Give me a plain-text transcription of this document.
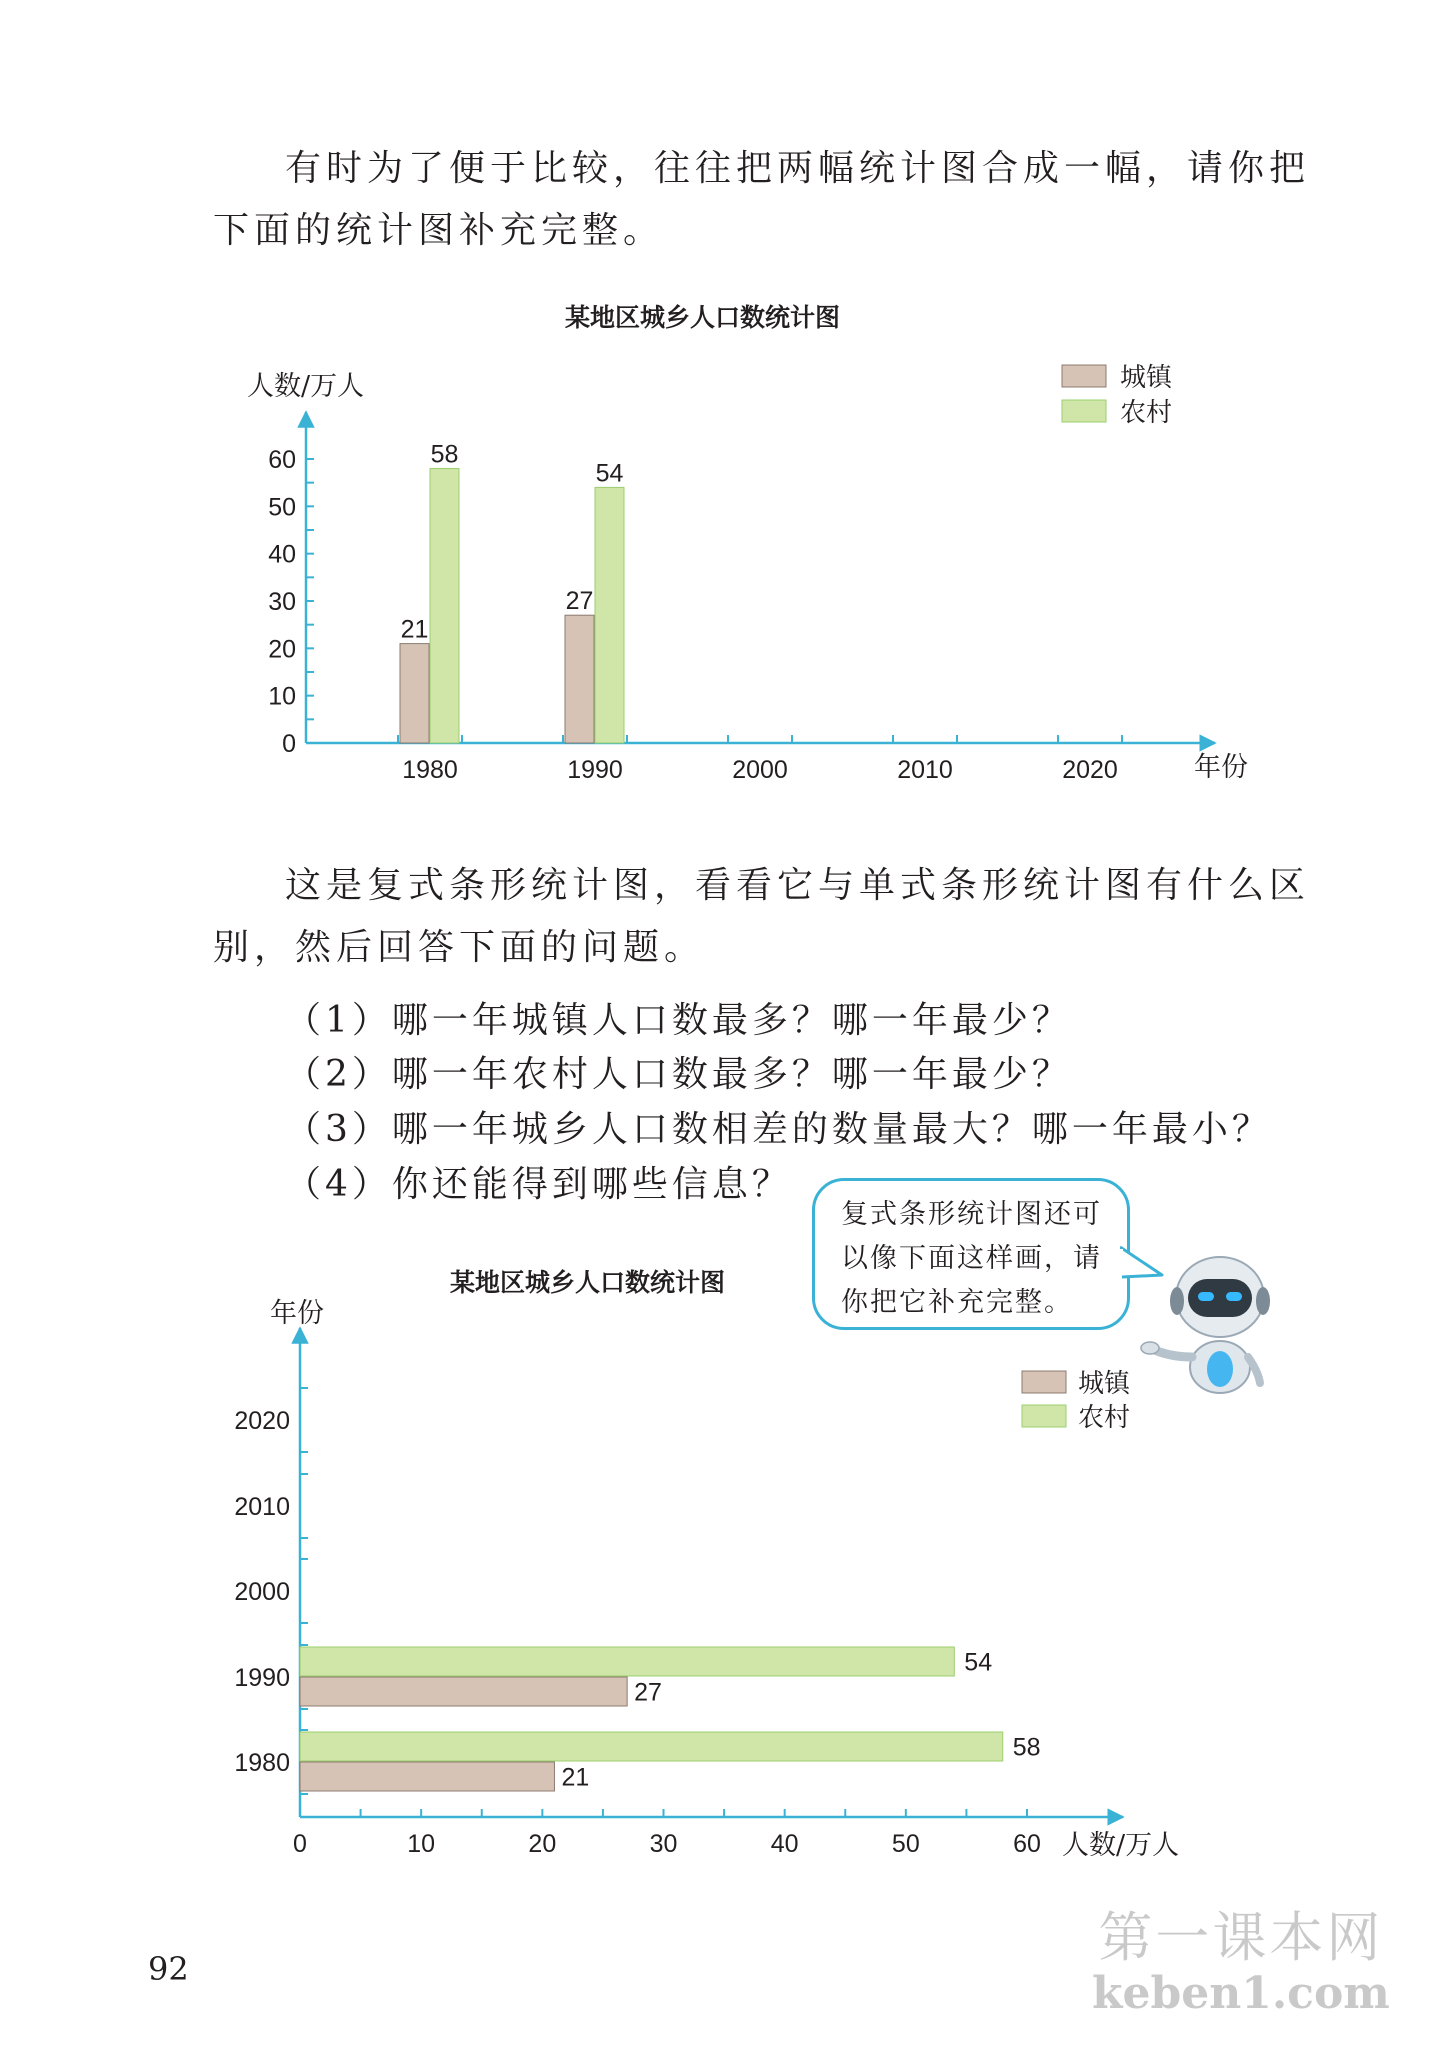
有时为了便于比较，往往把两幅统计图合成一幅，请你把
下面的统计图补充完整。

某地区城乡人口数统计图
人数/万人
年份
城镇
农村
0
10
20
30
40
50
60
1980
21
58
1990
27
54
2000	2010	2020

这是复式条形统计图，看看它与单式条形统计图有什么区
别，然后回答下面的问题。

（1）哪一年城镇人口数最多？哪一年最少？

（2）哪一年农村人口数最多？哪一年最少？

（3）哪一年城乡人口数相差的数量最大？哪一年最小？

（4）你还能得到哪些信息？

复式条形统计图还可
以像下面这样画，请
你把它补充完整。
某地区城乡人口数统计图
年份
人数/万人
城镇
农村
0	10	20	30	40	50	60
1980
58
21
1990
54
27
2000
2010
2020
92	第一课本网
keben1.com
